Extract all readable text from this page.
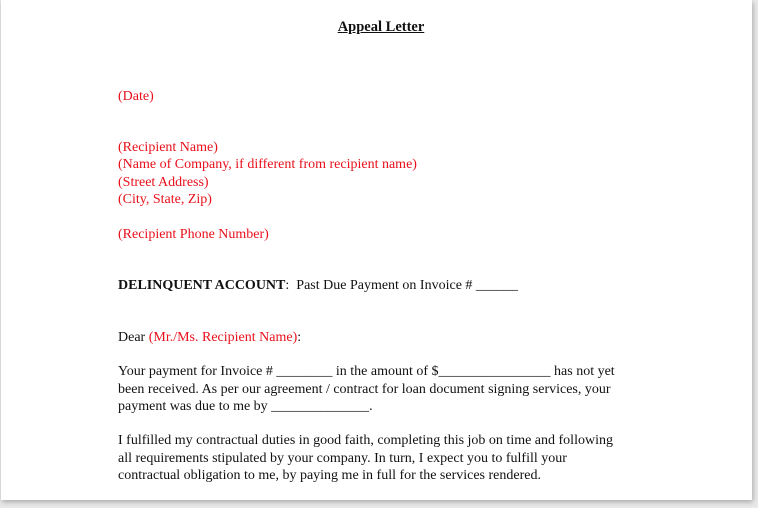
Appeal Letter
(Date)
(Recipient Name)
(Name of Company, if different from recipient name)
(Street Address)
(City, State, Zip)
(Recipient Phone Number)
DELINQUENT ACCOUNT:  Past Due Payment on Invoice # ______
Dear (Mr./Ms. Recipient Name):
Your payment for Invoice # ________ in the amount of $________________ has not yet
been received. As per our agreement / contract for loan document signing services, your
payment was due to me by ______________.
I fulfilled my contractual duties in good faith, completing this job on time and following
all requirements stipulated by your company. In turn, I expect you to fulfill your
contractual obligation to me, by paying me in full for the services rendered.
